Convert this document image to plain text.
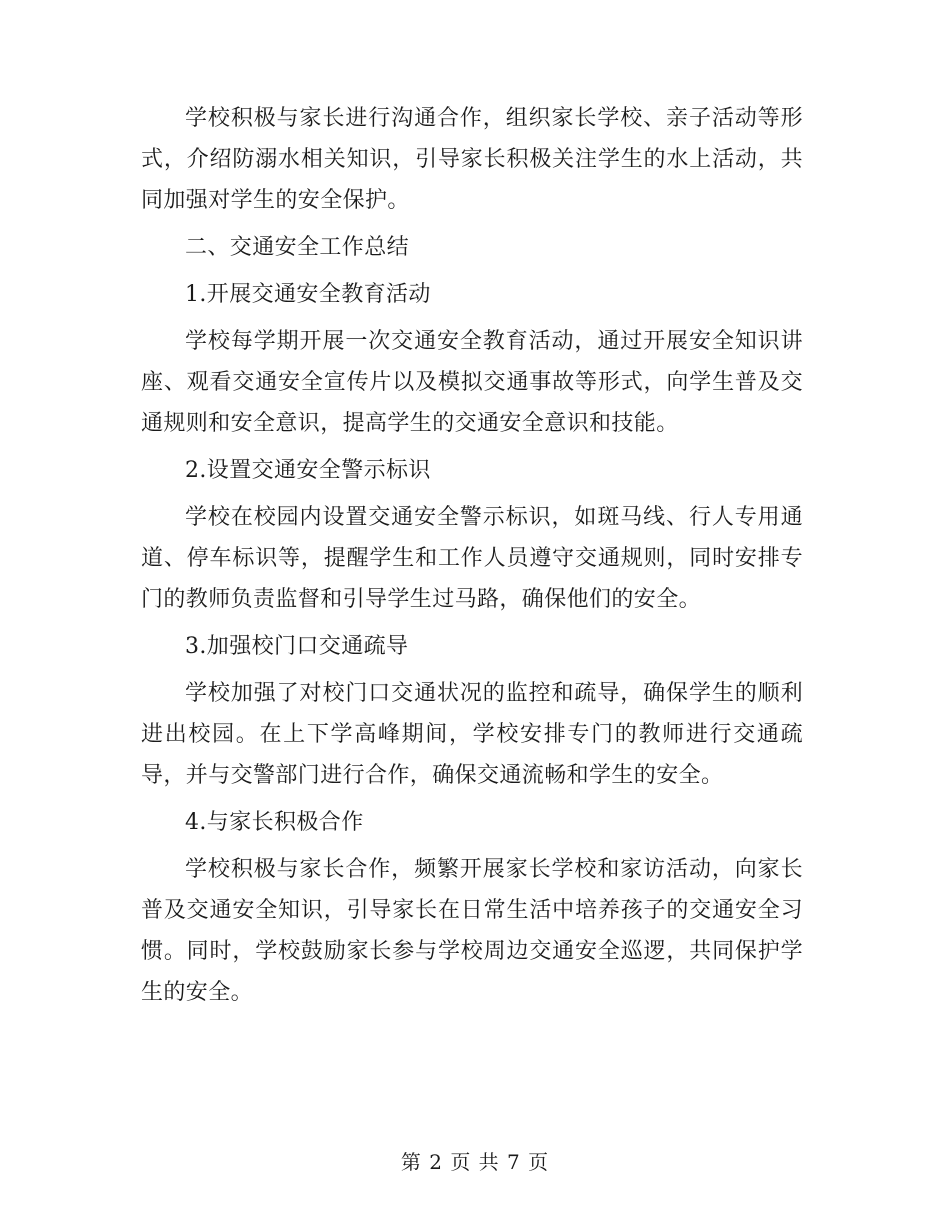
学校积极与家长进行沟通合作，组织家长学校、亲子活动等形式，介绍防溺水相关知识，引导家长积极关注学生的水上活动，共同加强对学生的安全保护。

二、交通安全工作总结

1.开展交通安全教育活动

学校每学期开展一次交通安全教育活动，通过开展安全知识讲座、观看交通安全宣传片以及模拟交通事故等形式，向学生普及交通规则和安全意识，提高学生的交通安全意识和技能。

2.设置交通安全警示标识

学校在校园内设置交通安全警示标识，如斑马线、行人专用通道、停车标识等，提醒学生和工作人员遵守交通规则，同时安排专门的教师负责监督和引导学生过马路，确保他们的安全。

3.加强校门口交通疏导

学校加强了对校门口交通状况的监控和疏导，确保学生的顺利进出校园。在上下学高峰期间，学校安排专门的教师进行交通疏导，并与交警部门进行合作，确保交通流畅和学生的安全。

4.与家长积极合作

学校积极与家长合作，频繁开展家长学校和家访活动，向家长普及交通安全知识，引导家长在日常生活中培养孩子的交通安全习惯。同时，学校鼓励家长参与学校周边交通安全巡逻，共同保护学生的安全。

第 2 页 共 7 页
